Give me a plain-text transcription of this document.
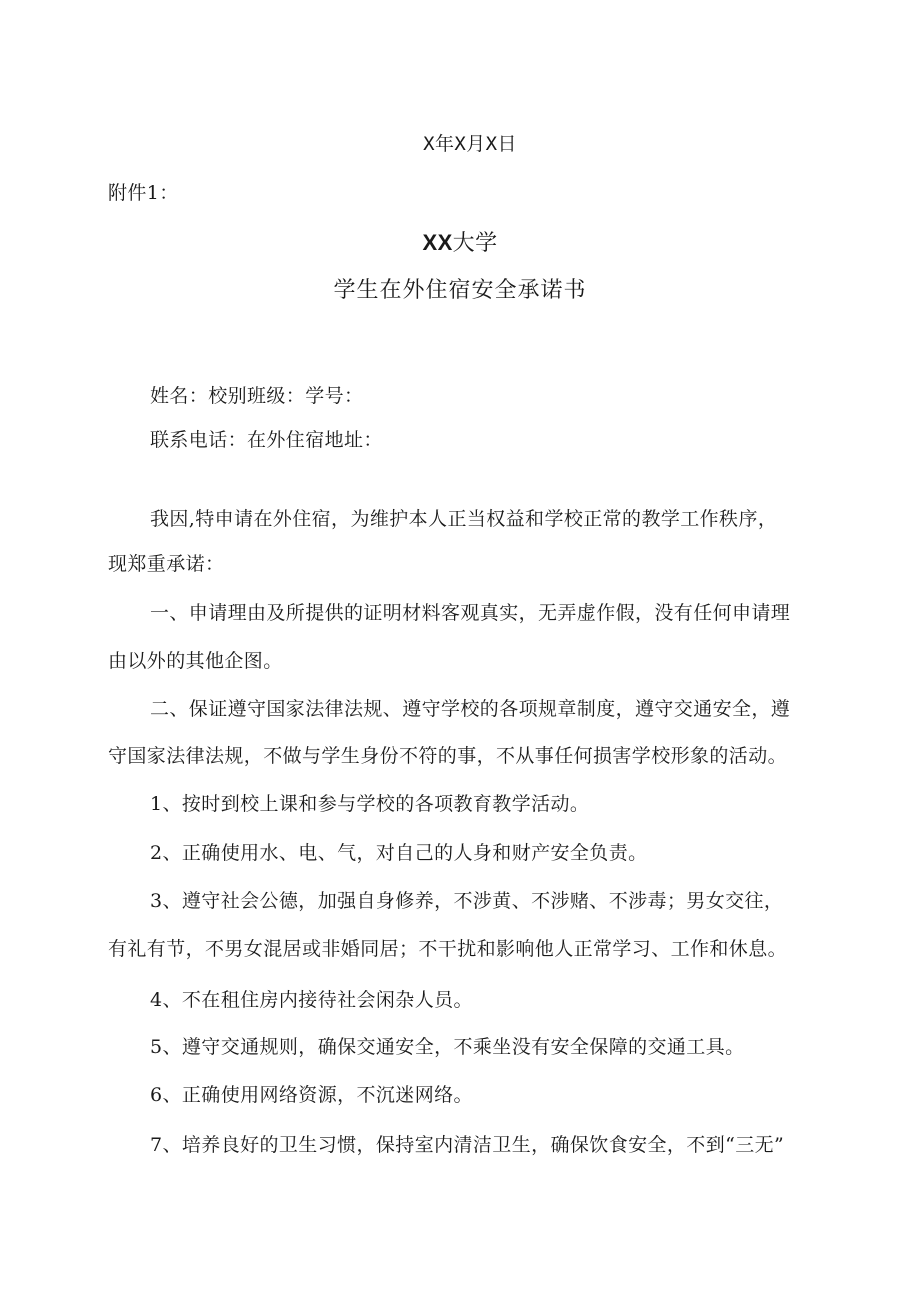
X年X月X日
附件1：
XX大学
学生在外住宿安全承诺书
姓名：校别班级：学号：
联系电话：在外住宿地址：
我因,特申请在外住宿，为维护本人正当权益和学校正常的教学工作秩序，
现郑重承诺：
一、申请理由及所提供的证明材料客观真实，无弄虚作假，没有任何申请理
由以外的其他企图。
二、保证遵守国家法律法规、遵守学校的各项规章制度，遵守交通安全，遵
守国家法律法规，不做与学生身份不符的事，不从事任何损害学校形象的活动。
1、按时到校上课和参与学校的各项教育教学活动。
2、正确使用水、电、气，对自己的人身和财产安全负责。
3、遵守社会公德，加强自身修养，不涉黄、不涉赌、不涉毒；男女交往，
有礼有节，不男女混居或非婚同居；不干扰和影响他人正常学习、工作和休息。
4、不在租住房内接待社会闲杂人员。
5、遵守交通规则，确保交通安全，不乘坐没有安全保障的交通工具。
6、正确使用网络资源，不沉迷网络。
7、培养良好的卫生习惯，保持室内清洁卫生，确保饮食安全，不到“三无”
